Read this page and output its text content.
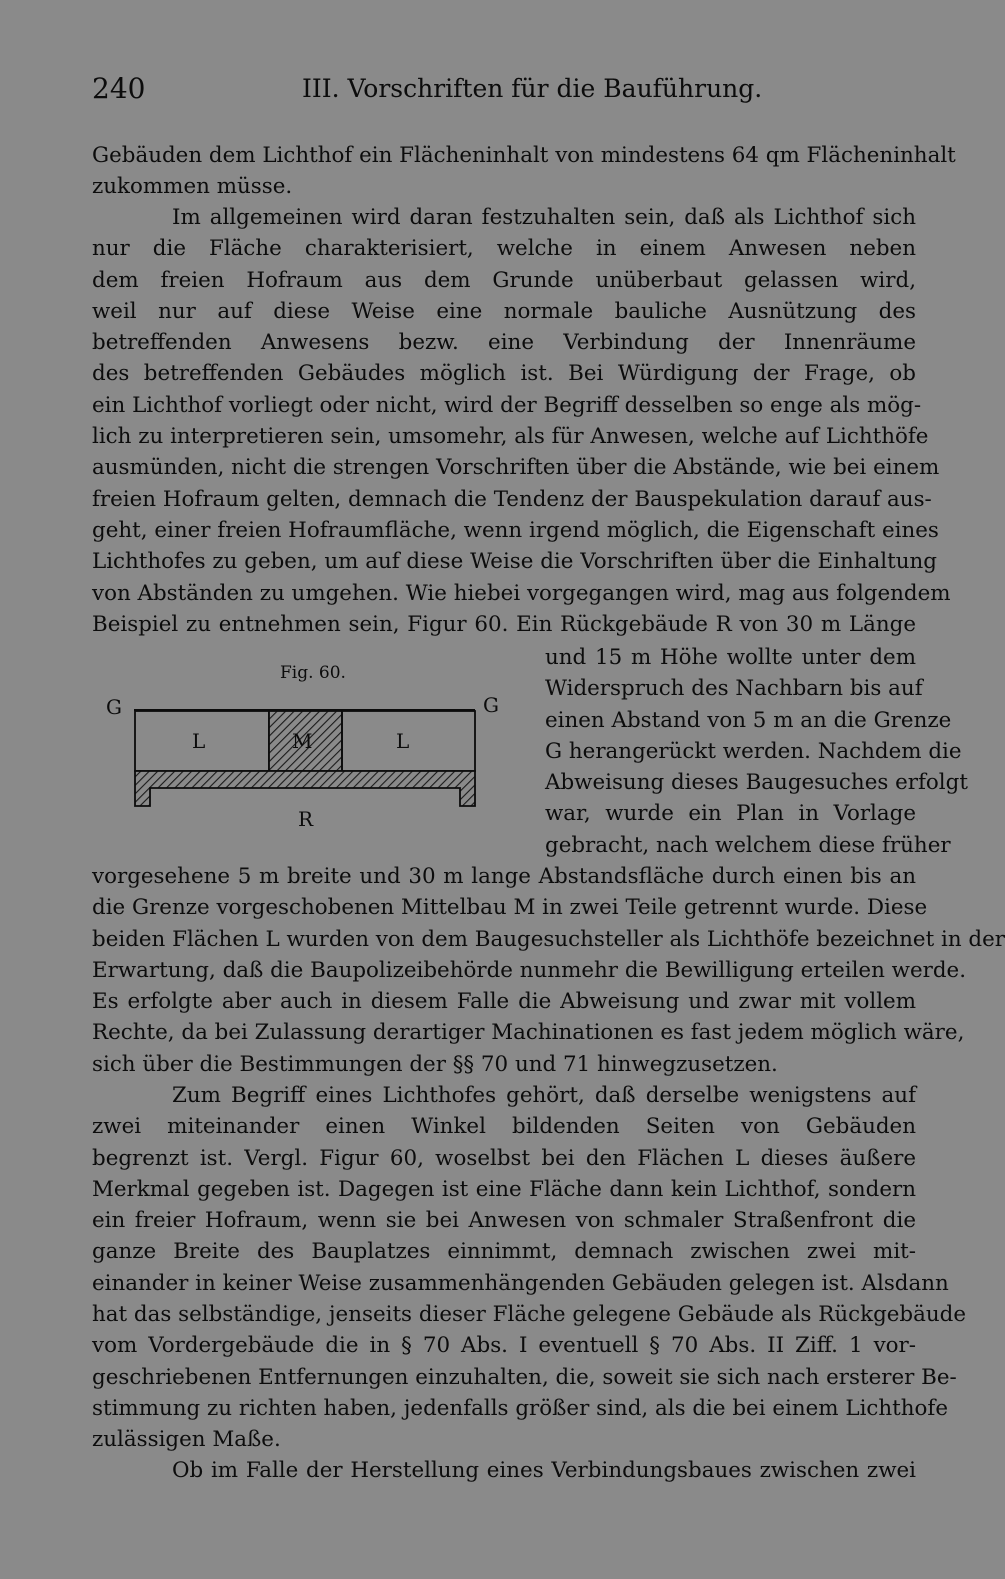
240	III. Vorschriften für die Bauführung.
Gebäuden dem Lichthof ein Flächeninhalt von mindestens 64 qm Flächeninhalt
zukommen müsse.
Im allgemeinen wird daran festzuhalten sein, daß als Lichthof sich
nur die Fläche charakterisiert, welche in einem Anwesen neben
dem freien Hofraum aus dem Grunde unüberbaut gelassen wird,
weil nur auf diese Weise eine normale bauliche Ausnützung des
betreffenden Anwesens bezw. eine Verbindung der Innenräume
des betreffenden Gebäudes möglich ist. Bei Würdigung der Frage, ob
ein Lichthof vorliegt oder nicht, wird der Begriff desselben so enge als mög-
lich zu interpretieren sein, umsomehr, als für Anwesen, welche auf Lichthöfe
ausmünden, nicht die strengen Vorschriften über die Abstände, wie bei einem
freien Hofraum gelten, demnach die Tendenz der Bauspekulation darauf aus-
geht, einer freien Hofraumfläche, wenn irgend möglich, die Eigenschaft eines
Lichthofes zu geben, um auf diese Weise die Vorschriften über die Einhaltung
von Abständen zu umgehen. Wie hiebei vorgegangen wird, mag aus folgendem
Beispiel zu entnehmen sein, Figur 60. Ein Rückgebäude R von 30 m Länge
Fig. 60.
G	G
L	M	L
R
und 15 m Höhe wollte unter dem
Widerspruch des Nachbarn bis auf
einen Abstand von 5 m an die Grenze
G herangerückt werden. Nachdem die
Abweisung dieses Baugesuches erfolgt
war, wurde ein Plan in Vorlage
gebracht, nach welchem diese früher
vorgesehene 5 m breite und 30 m lange Abstandsfläche durch einen bis an
die Grenze vorgeschobenen Mittelbau M in zwei Teile getrennt wurde. Diese
beiden Flächen L wurden von dem Baugesuchsteller als Lichthöfe bezeichnet in der
Erwartung, daß die Baupolizeibehörde nunmehr die Bewilligung erteilen werde.
Es erfolgte aber auch in diesem Falle die Abweisung und zwar mit vollem
Rechte, da bei Zulassung derartiger Machinationen es fast jedem möglich wäre,
sich über die Bestimmungen der §§ 70 und 71 hinwegzusetzen.
Zum Begriff eines Lichthofes gehört, daß derselbe wenigstens auf
zwei miteinander einen Winkel bildenden Seiten von Gebäuden
begrenzt ist. Vergl. Figur 60, woselbst bei den Flächen L dieses äußere
Merkmal gegeben ist. Dagegen ist eine Fläche dann kein Lichthof, sondern
ein freier Hofraum, wenn sie bei Anwesen von schmaler Straßenfront die
ganze Breite des Bauplatzes einnimmt, demnach zwischen zwei mit-
einander in keiner Weise zusammenhängenden Gebäuden gelegen ist. Alsdann
hat das selbständige, jenseits dieser Fläche gelegene Gebäude als Rückgebäude
vom Vordergebäude die in § 70 Abs. I eventuell § 70 Abs. II Ziff. 1 vor-
geschriebenen Entfernungen einzuhalten, die, soweit sie sich nach ersterer Be-
stimmung zu richten haben, jedenfalls größer sind, als die bei einem Lichthofe
zulässigen Maße.
Ob im Falle der Herstellung eines Verbindungsbaues zwischen zwei
